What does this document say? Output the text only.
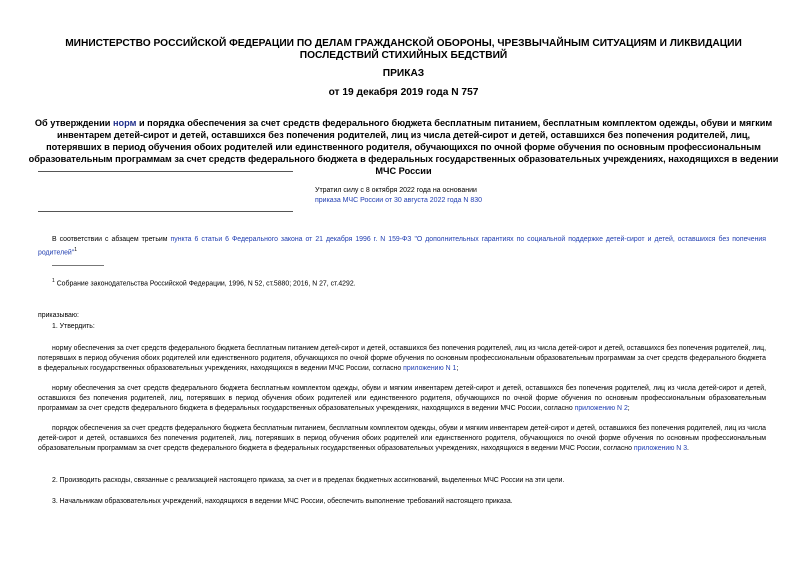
МИНИСТЕРСТВО РОССИЙСКОЙ ФЕДЕРАЦИИ ПО ДЕЛАМ ГРАЖДАНСКОЙ ОБОРОНЫ, ЧРЕЗВЫЧАЙНЫМ СИТУАЦИЯМ И ЛИКВИДАЦИИ ПОСЛЕДСТВИЙ СТИХИЙНЫХ БЕДСТВИЙ
ПРИКАЗ
от 19 декабря 2019 года N 757
Об утверждении норм и порядка обеспечения за счет средств федерального бюджета бесплатным питанием, бесплатным комплектом одежды, обуви и мягким инвентарем детей-сирот и детей, оставшихся без попечения родителей, лиц из числа детей-сирот и детей, оставшихся без попечения родителей, лиц, потерявших в период обучения обоих родителей или единственного родителя, обучающихся по очной форме обучения по основным профессиональным образовательным программам за счет средств федерального бюджета в федеральных государственных образовательных учреждениях, находящихся в ведении МЧС России
Утратил силу с 8 октября 2022 года на основании
приказа МЧС России от 30 августа 2022 года N 830
В соответствии с абзацем третьим пункта 6 статьи 6 Федерального закона от 21 декабря 1996 г. N 159-ФЗ "О дополнительных гарантиях по социальной поддержке детей-сирот и детей, оставшихся без попечения родителей"$^1$
$^1$ Собрание законодательства Российской Федерации, 1996, N 52, ст.5880; 2016, N 27, ст.4292.
приказываю:
1. Утвердить:
норму обеспечения за счет средств федерального бюджета бесплатным питанием детей-сирот и детей, оставшихся без попечения родителей, лиц из числа детей-сирот и детей, оставшихся без попечения родителей, лиц, потерявших в период обучения обоих родителей или единственного родителя, обучающихся по очной форме обучения по основным профессиональным образовательным программам за счет средств федерального бюджета в федеральных государственных образовательных учреждениях, находящихся в ведении МЧС России, согласно приложению N 1;
норму обеспечения за счет средств федерального бюджета бесплатным комплектом одежды, обуви и мягким инвентарем детей-сирот и детей, оставшихся без попечения родителей, лиц из числа детей-сирот и детей, оставшихся без попечения родителей, лиц, потерявших в период обучения обоих родителей или единственного родителя, обучающихся по очной форме обучения по основным профессиональным образовательным программам за счет средств федерального бюджета в федеральных государственных образовательных учреждениях, находящихся в ведении МЧС России, согласно приложению N 2;
порядок обеспечения за счет средств федерального бюджета бесплатным питанием, бесплатным комплектом одежды, обуви и мягким инвентарем детей-сирот и детей, оставшихся без попечения родителей, лиц из числа детей-сирот и детей, оставшихся без попечения родителей, лиц, потерявших в период обучения обоих родителей или единственного родителя, обучающихся по очной форме обучения по основным профессиональным образовательным программам за счет средств федерального бюджета в федеральных государственных образовательных учреждениях, находящихся в ведении МЧС России, согласно приложению N 3.
2. Производить расходы, связанные с реализацией настоящего приказа, за счет и в пределах бюджетных ассигнований, выделенных МЧС России на эти цели.
3. Начальникам образовательных учреждений, находящихся в ведении МЧС России, обеспечить выполнение требований настоящего приказа.
